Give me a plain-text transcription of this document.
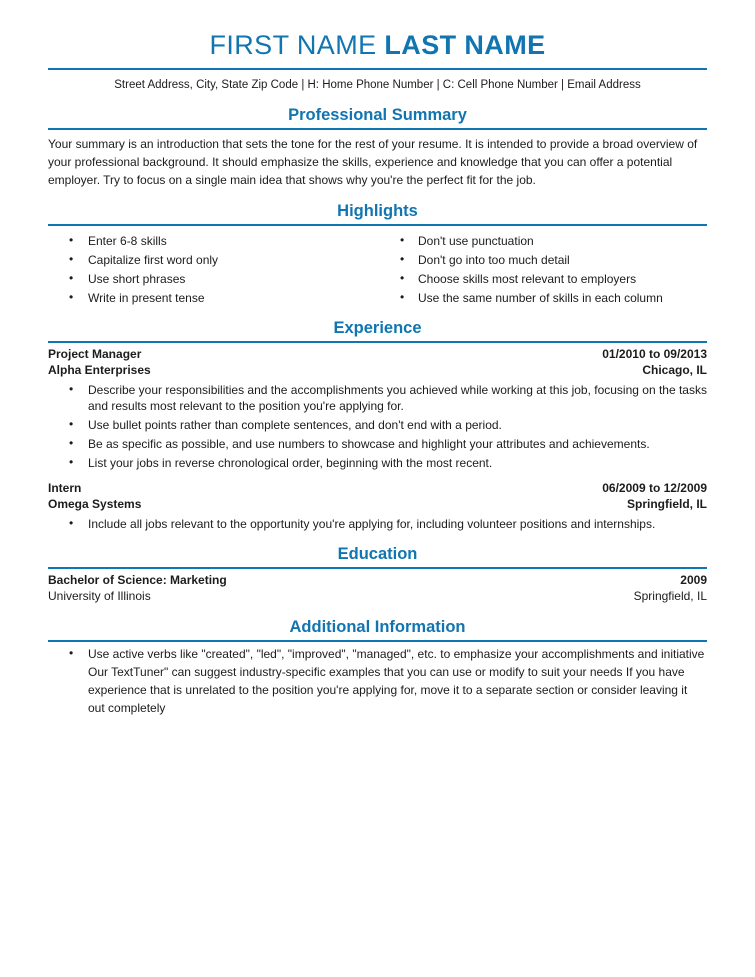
FIRST NAME LAST NAME
Street Address, City, State Zip Code | H: Home Phone Number | C: Cell Phone Number | Email Address
Professional Summary

Your summary is an introduction that sets the tone for the rest of your resume. It is intended to provide a broad overview of your professional background. It should emphasize the skills, experience and knowledge that you can offer a potential employer. Try to focus on a single main idea that shows why you're the perfect fit for the job.

Highlights
• Enter 6-8 skills
• Capitalize first word only
• Use short phrases
• Write in present tense
• Don't use punctuation
• Don't go into too much detail
• Choose skills most relevant to employers
• Use the same number of skills in each column
Experience
Project Manager	01/2010 to 09/2013
Alpha Enterprises	Chicago, IL
• Describe your responsibilities and the accomplishments you achieved while working at this job, focusing on the tasks and results most relevant to the position you're applying for.
• Use bullet points rather than complete sentences, and don't end with a period.
• Be as specific as possible, and use numbers to showcase and highlight your attributes and achievements.
• List your jobs in reverse chronological order, beginning with the most recent.
Intern	06/2009 to 12/2009
Omega Systems	Springfield, IL
• Include all jobs relevant to the opportunity you're applying for, including volunteer positions and internships.
Education
Bachelor of Science: Marketing	2009
University of Illinois	Springfield, IL
Additional Information
• Use active verbs like "created", "led", "improved", "managed", etc. to emphasize your accomplishments and initiative Our TextTuner" can suggest industry-specific examples that you can use or modify to suit your needs If you have experience that is unrelated to the position you're applying for, move it to a separate section or consider leaving it out completely
